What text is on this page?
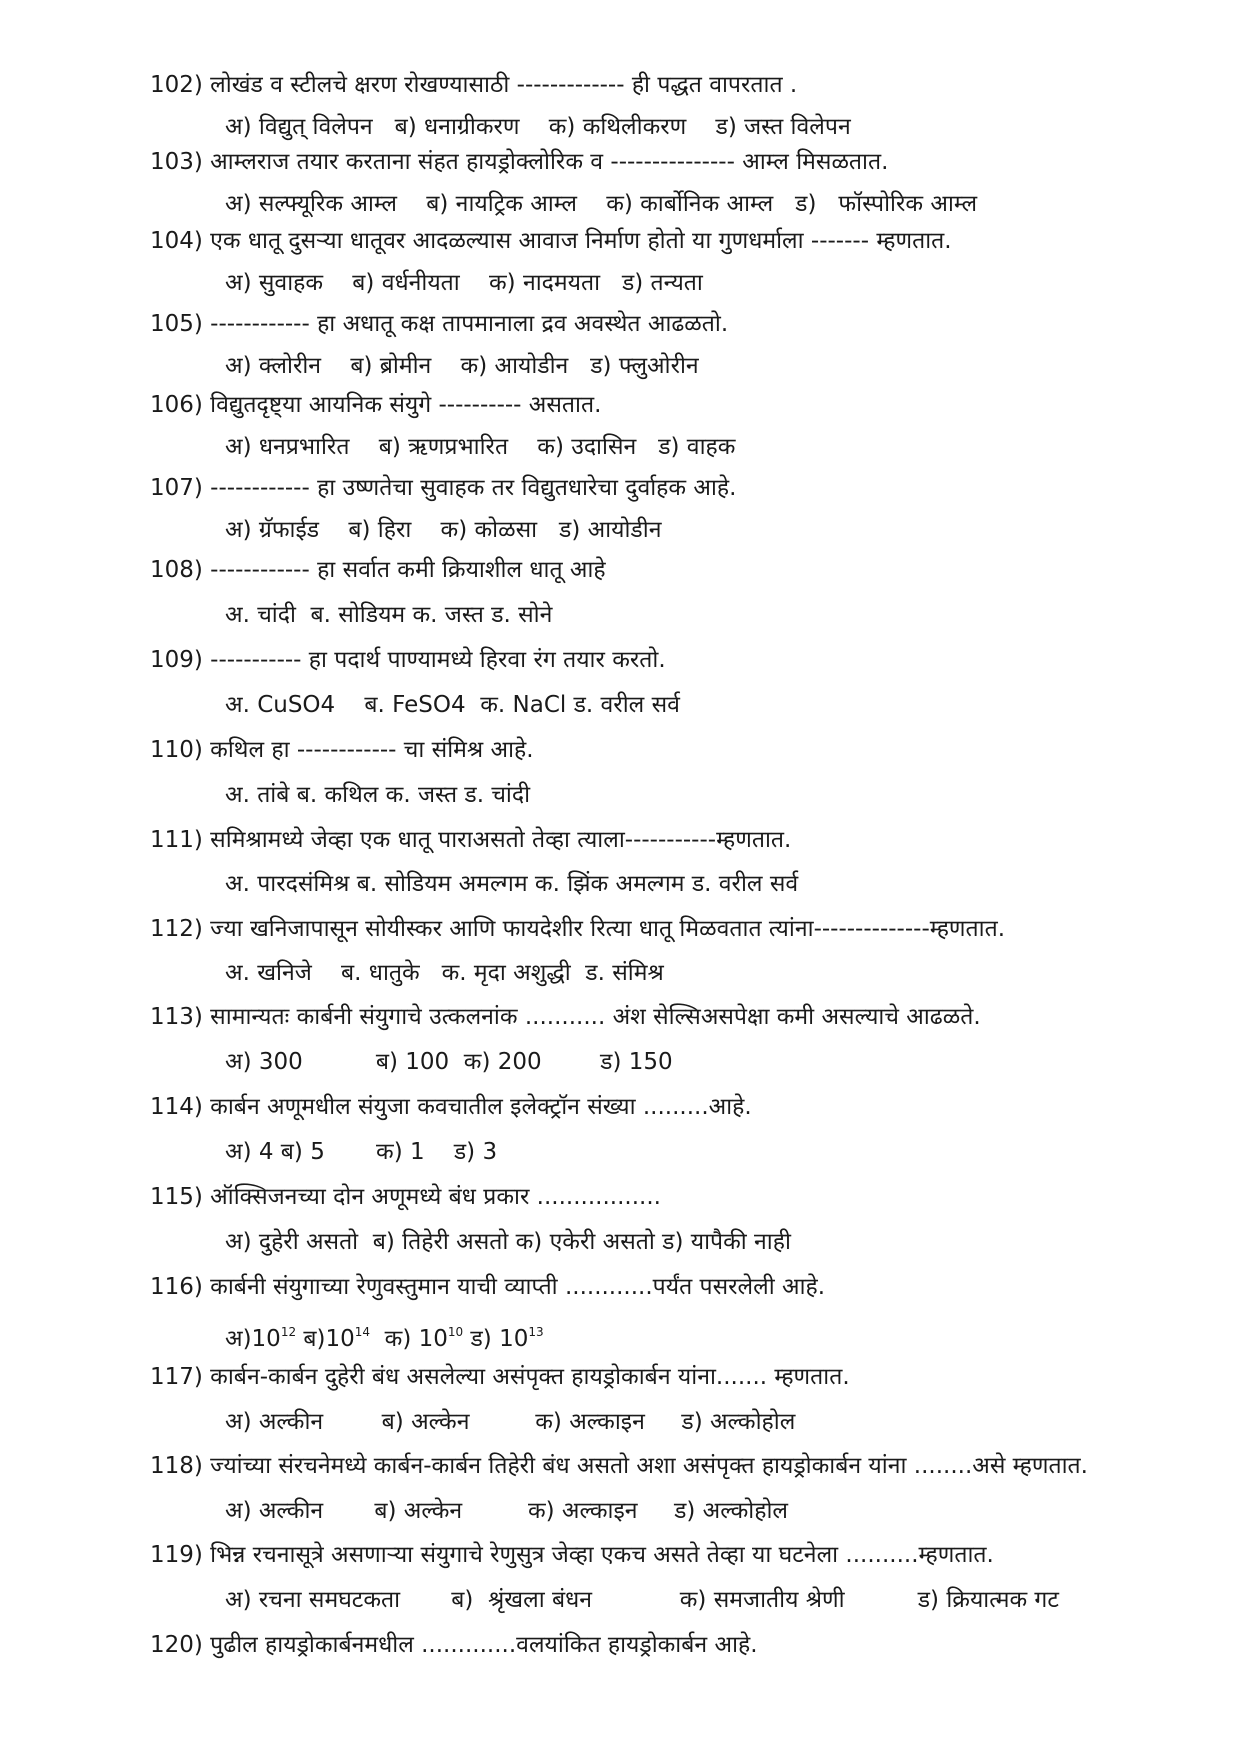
102) लोखंड व स्टीलचे क्षरण रोखण्यासाठी ------------- ही पद्धत वापरतात .
अ) विद्युत् विलेपन   ब) धनाग्रीकरण    क) कथिलीकरण    ड) जस्त विलेपन
103) आम्लराज तयार करताना संहत हायड्रोक्लोरिक व --------------- आम्ल मिसळतात.
अ) सल्फ्यूरिक आम्ल    ब) नायट्रिक आम्ल    क) कार्बोनिक आम्ल   ड)   फॉस्पोरिक आम्ल
104) एक धातू दुसऱ्या धातूवर आदळल्यास आवाज निर्माण होतो या गुणधर्माला ------- म्हणतात.
अ) सुवाहक    ब) वर्धनीयता    क) नादमयता   ड) तन्यता
105) ------------ हा अधातू कक्ष तापमानाला द्रव अवस्थेत आढळतो.
अ) क्लोरीन    ब) ब्रोमीन    क) आयोडीन   ड) फ्लुओरीन
106) विद्युतदृष्ट्या आयनिक संयुगे ---------- असतात.
अ) धनप्रभारित    ब) ऋणप्रभारित    क) उदासिन   ड) वाहक
107) ------------ हा उष्णतेचा सुवाहक तर विद्युतधारेचा दुर्वाहक आहे.
अ) ग्रॅफाईड    ब) हिरा    क) कोळसा   ड) आयोडीन
108) ------------ हा सर्वात कमी क्रियाशील धातू आहे
अ. चांदी  ब. सोडियम क. जस्त ड. सोने
109) ----------- हा पदार्थ पाण्यामध्ये हिरवा रंग तयार करतो.
अ. CuSO4    ब. FeSO4  क. NaCl ड. वरील सर्व
110) कथिल हा ------------ चा संमिश्र आहे.
अ. तांबे ब. कथिल क. जस्त ड. चांदी
111) समिश्रामध्ये जेव्हा एक धातू पाराअसतो तेव्हा त्याला-----------म्हणतात.
अ. पारदसंमिश्र ब. सोडियम अमल्गम क. झिंक अमल्गम ड. वरील सर्व
112) ज्या खनिजापासून सोयीस्कर आणि फायदेशीर रित्या धातू मिळवतात त्यांना--------------म्हणतात.
अ. खनिजे    ब. धातुके   क. मृदा अशुद्धी  ड. संमिश्र
113) सामान्यतः कार्बनी संयुगाचे उत्कलनांक ........... अंश सेल्सिअसपेक्षा कमी असल्याचे आढळते.
अ) 300          ब) 100  क) 200        ड) 150
114) कार्बन अणूमधील संयुजा कवचातील इलेक्ट्रॉन संख्या .........आहे.
अ) 4 ब) 5       क) 1    ड) 3
115) ऑक्सिजनच्या दोन अणूमध्ये बंध प्रकार .................
अ) दुहेरी असतो  ब) तिहेरी असतो क) एकेरी असतो ड) यापैकी नाही
116) कार्बनी संयुगाच्या रेणुवस्तुमान याची व्याप्ती ............पर्यंत पसरलेली आहे.
$अ)10^{12}$ $ब)10^{14}$  क) $10^{10}$ ड) $10^{13}$
117) कार्बन-कार्बन दुहेरी बंध असलेल्या असंपृक्त हायड्रोकार्बन यांना....... म्हणतात.
अ) अल्कीन        ब) अल्केन         क) अल्काइन     ड) अल्कोहोल
118) ज्यांच्या संरचनेमध्ये कार्बन-कार्बन तिहेरी बंध असतो अशा असंपृक्त हायड्रोकार्बन यांना ........असे म्हणतात.
अ) अल्कीन       ब) अल्केन         क) अल्काइन     ड) अल्कोहोल
119) भिन्न रचनासूत्रे असणाऱ्या संयुगाचे रेणुसुत्र जेव्हा एकच असते तेव्हा या घटनेला ..........म्हणतात.
अ) रचना समघटकता       ब)  श्रृंखला बंधन            क) समजातीय श्रेणी          ड) क्रियात्मक गट
120) पुढील हायड्रोकार्बनमधील .............वलयांकित हायड्रोकार्बन आहे.
